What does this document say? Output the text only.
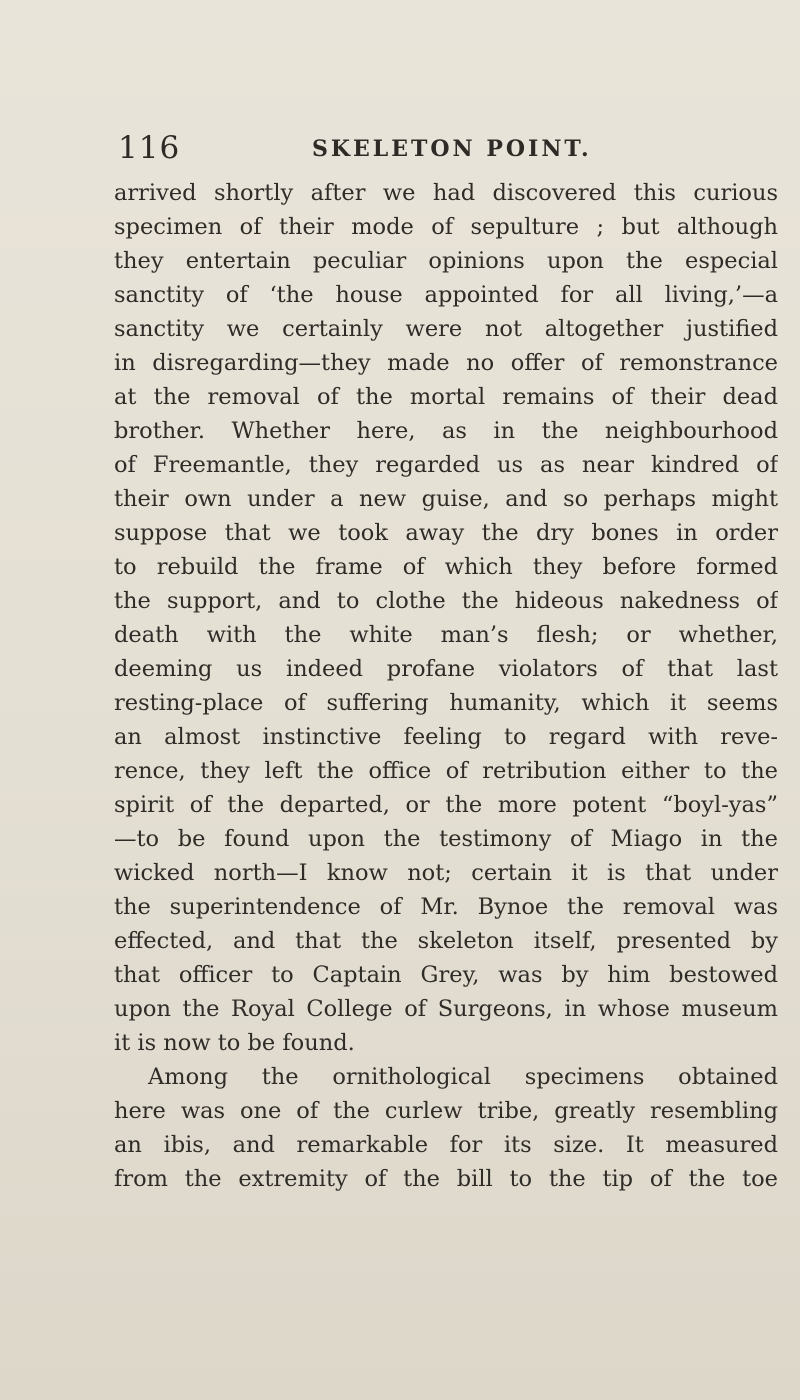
116	SKELETON POINT.
arrived shortly after we had discovered this curious
specimen of their mode of sepulture ; but although
they entertain peculiar opinions upon the especial
sanctity of ‘the house appointed for all living,’—a
sanctity we certainly were not altogether justified
in disregarding—they made no offer of remonstrance
at the removal of the mortal remains of their dead
brother. Whether here, as in the neighbourhood
of Freemantle, they regarded us as near kindred of
their own under a new guise, and so perhaps might
suppose that we took away the dry bones in order
to rebuild the frame of which they before formed
the support, and to clothe the hideous nakedness of
death with the white man’s flesh; or whether,
deeming us indeed profane violators of that last
resting-place of suffering humanity, which it seems
an almost instinctive feeling to regard with reve-
rence, they left the office of retribution either to the
spirit of the departed, or the more potent “boyl-yas”
—to be found upon the testimony of Miago in the
wicked north—I know not; certain it is that under
the superintendence of Mr. Bynoe the removal was
effected, and that the skeleton itself, presented by
that officer to Captain Grey, was by him bestowed
upon the Royal College of Surgeons, in whose museum
it is now to be found.
Among the ornithological specimens obtained
here was one of the curlew tribe, greatly resembling
an ibis, and remarkable for its size. It measured
from the extremity of the bill to the tip of the toe
